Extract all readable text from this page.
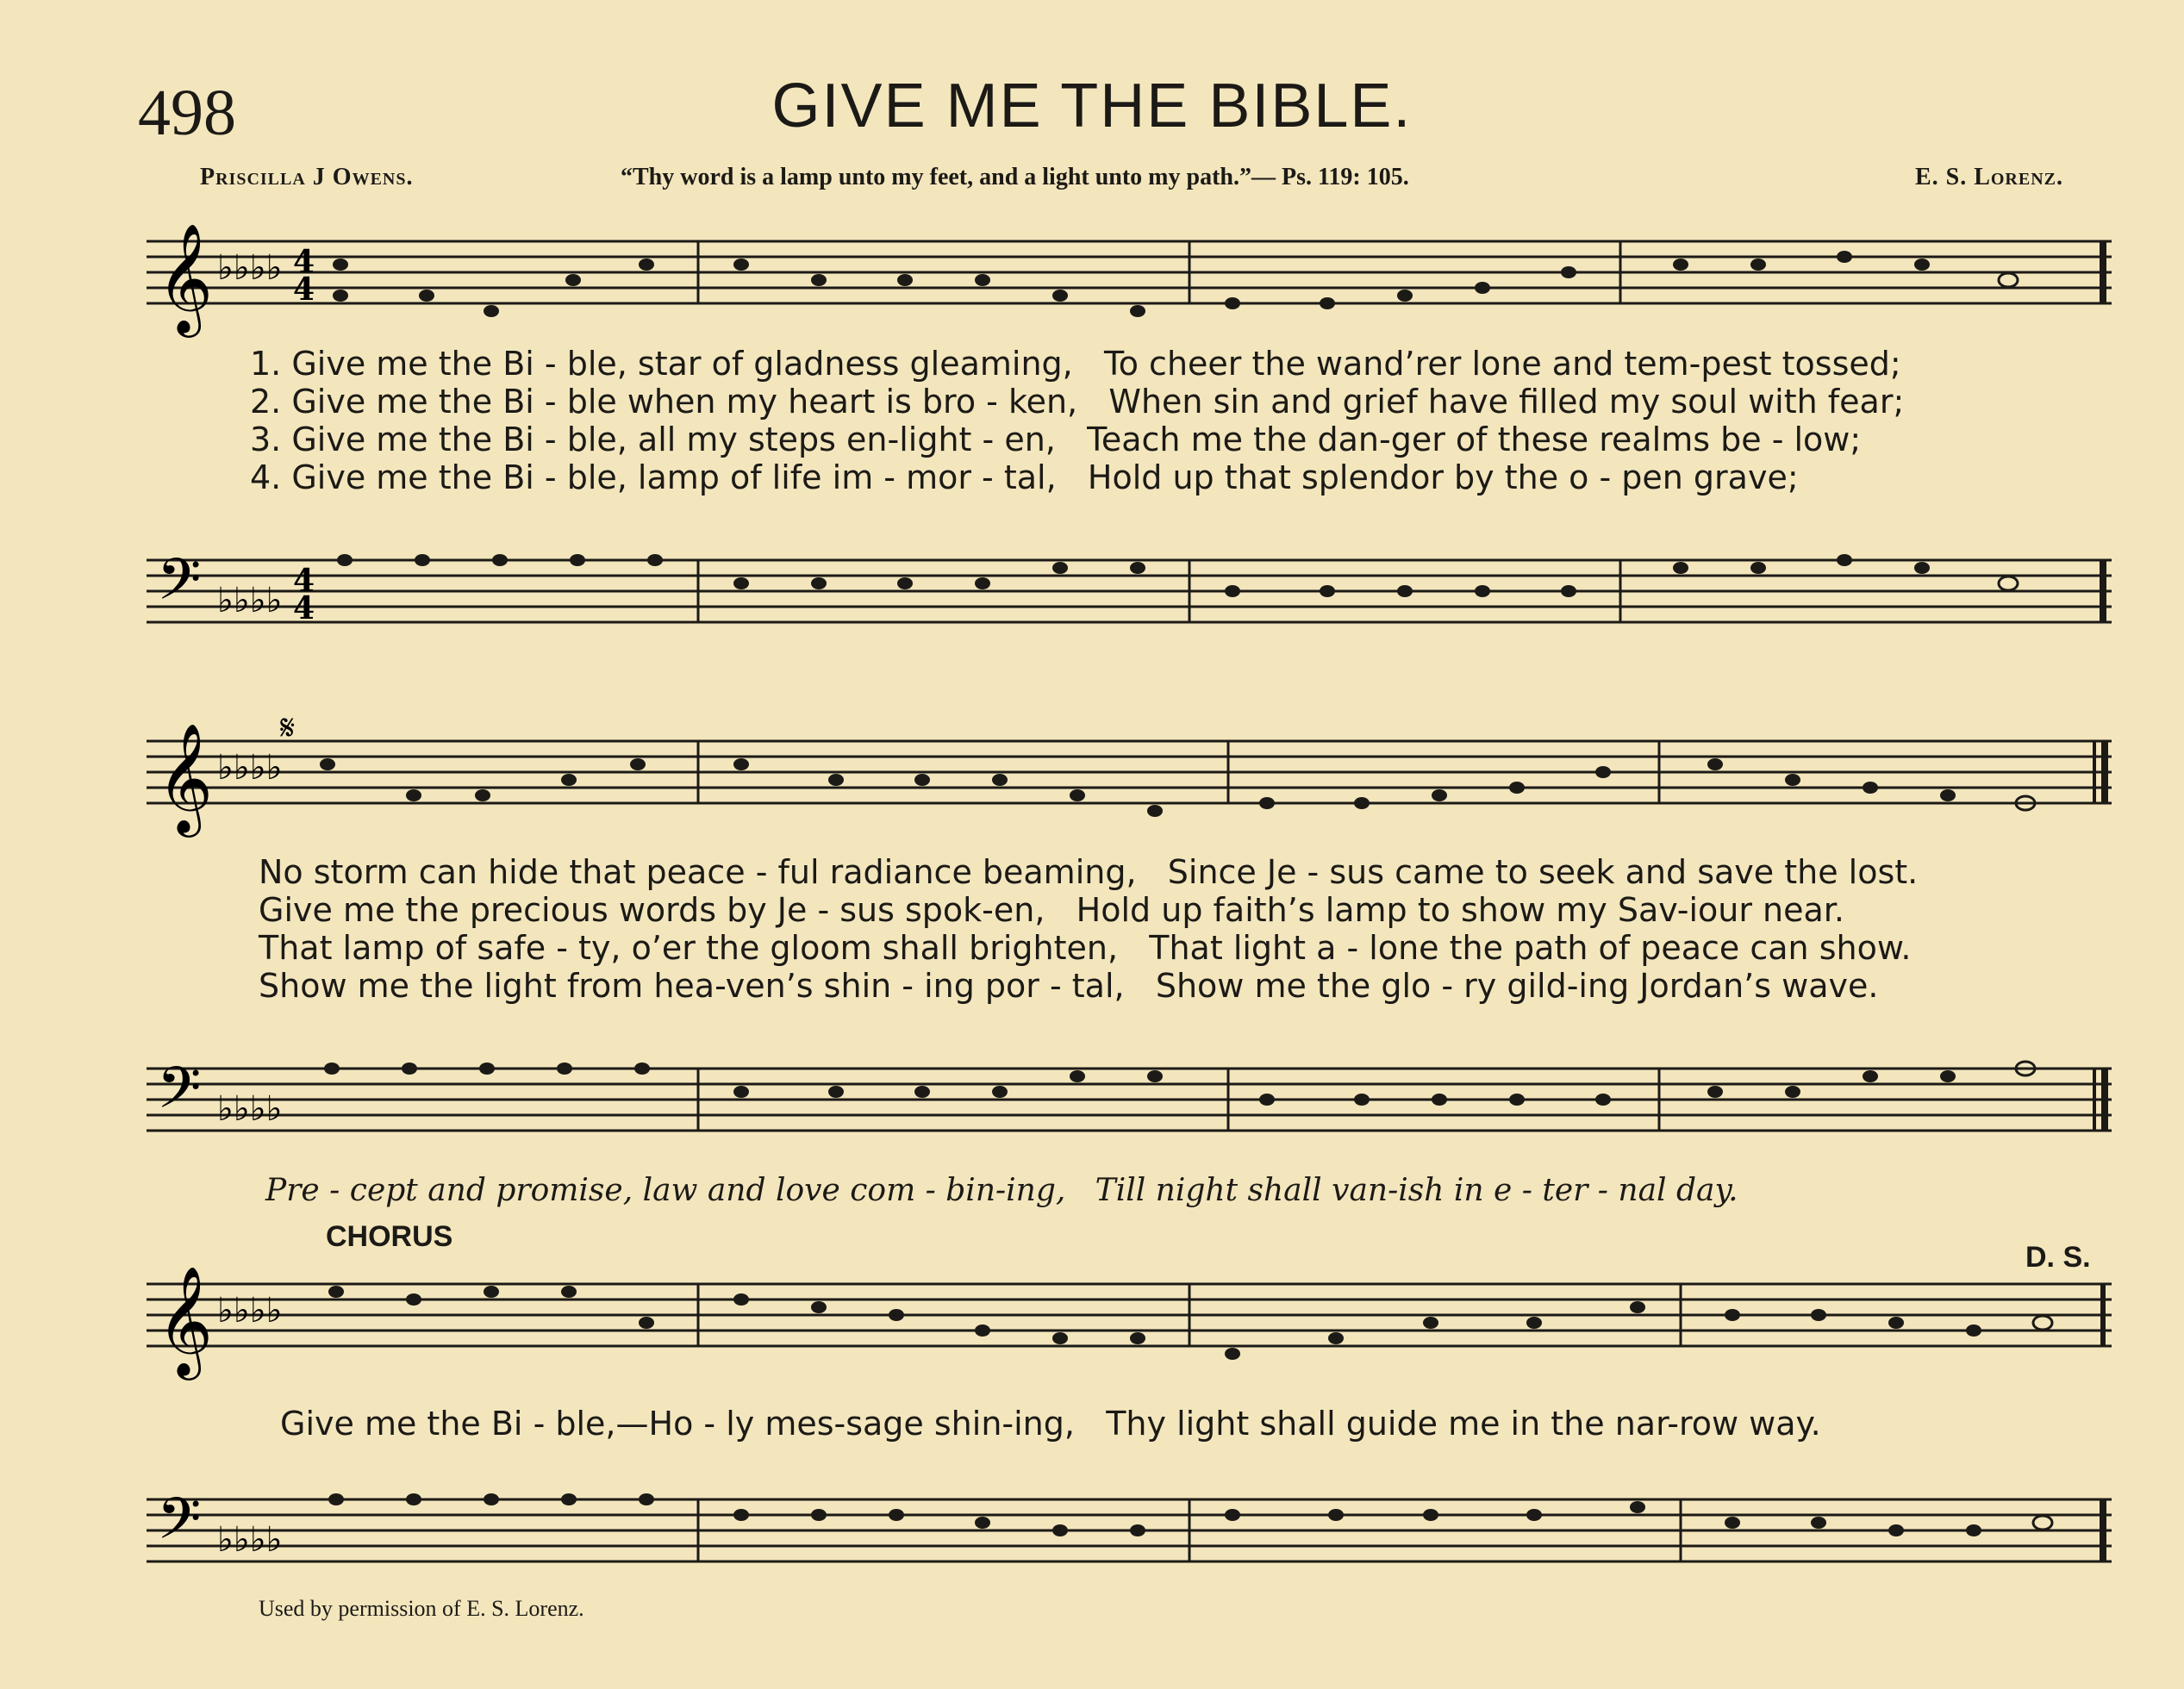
498	GIVE ME THE BIBLE.
Priscilla J Owens.	“Thy word is a lamp unto my feet, and a light unto my path.”— Ps. 119: 105.	E. S. Lorenz.
𝄞 ♭♭♭♭ 4
4
1. Give me the Bi - ble, star of gladness gleaming,   To cheer the wand’rer lone and tem-pest tossed;
2. Give me the Bi - ble when my heart is bro - ken,   When sin and grief have filled my soul with fear;
3. Give me the Bi - ble, all my steps en-light - en,   Teach me the dan-ger of these realms be - low;
4. Give me the Bi - ble, lamp of life im - mor - tal,   Hold up that splendor by the o - pen grave;
𝄢 ♭♭♭♭ 4
4
𝄞 ♭♭♭♭
𝄋
No storm can hide that peace - ful radiance beaming,   Since Je - sus came to seek and save the lost.
Give me the precious words by Je - sus spok-en,   Hold up faith’s lamp to show my Sav-iour near.
That lamp of safe - ty, o’er the gloom shall brighten,   That light a - lone the path of peace can show.
Show me the light from hea-ven’s shin - ing por - tal,   Show me the glo - ry gild-ing Jordan’s wave.
𝄢 ♭♭♭♭
Pre - cept and promise, law and love com - bin-ing,   Till night shall van-ish in e - ter - nal day.
CHORUS
D. S.
𝄞 ♭♭♭♭
Give me the Bi - ble,—Ho - ly mes-sage shin-ing,   Thy light shall guide me in the nar-row way.
𝄢 ♭♭♭♭
Used by permission of E. S. Lorenz.
